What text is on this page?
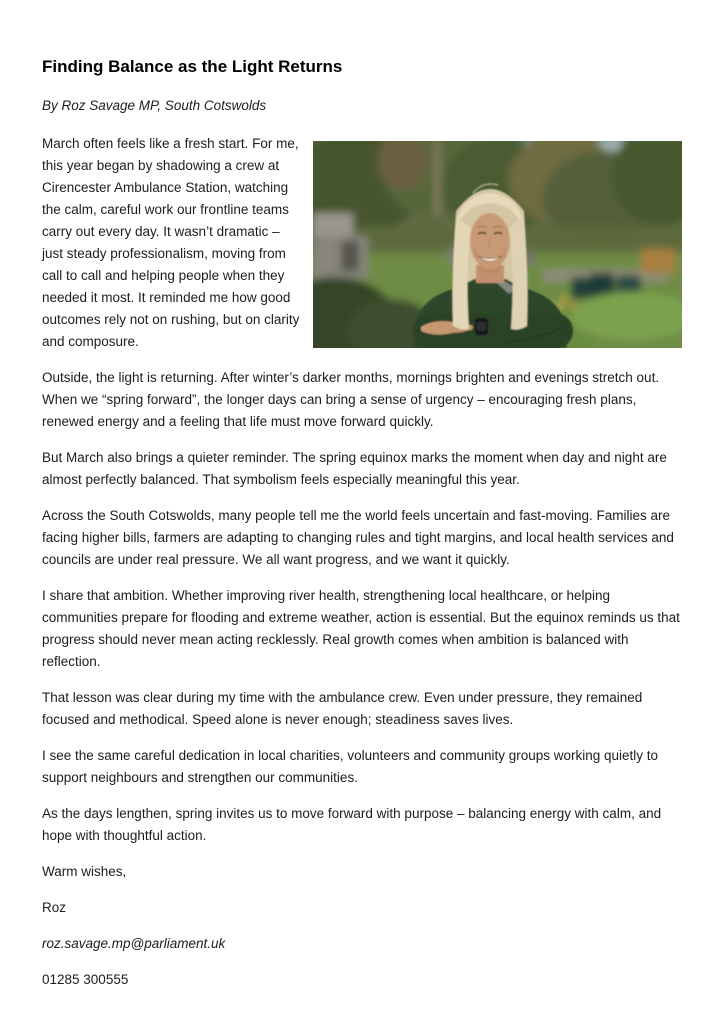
Finding Balance as the Light Returns

By Roz Savage MP, South Cotswolds

March often feels like a fresh start. For me, this year began by shadowing a crew at Cirencester Ambulance Station, watching the calm, careful work our frontline teams carry out every day. It wasn’t dramatic – just steady professionalism, moving from call to call and helping people when they needed it most. It reminded me how good outcomes rely not on rushing, but on clarity and composure.

Outside, the light is returning. After winter’s darker months, mornings brighten and evenings stretch out. When we “spring forward”, the longer days can bring a sense of urgency – encouraging fresh plans, renewed energy and a feeling that life must move forward quickly.

But March also brings a quieter reminder. The spring equinox marks the moment when day and night are almost perfectly balanced. That symbolism feels especially meaningful this year.

Across the South Cotswolds, many people tell me the world feels uncertain and fast-moving. Families are facing higher bills, farmers are adapting to changing rules and tight margins, and local health services and councils are under real pressure. We all want progress, and we want it quickly.

I share that ambition. Whether improving river health, strengthening local healthcare, or helping communities prepare for flooding and extreme weather, action is essential. But the equinox reminds us that progress should never mean acting recklessly. Real growth comes when ambition is balanced with reflection.

That lesson was clear during my time with the ambulance crew. Even under pressure, they remained focused and methodical. Speed alone is never enough; steadiness saves lives.

I see the same careful dedication in local charities, volunteers and community groups working quietly to support neighbours and strengthen our communities.

As the days lengthen, spring invites us to move forward with purpose – balancing energy with calm, and hope with thoughtful action.

Warm wishes,

Roz

roz.savage.mp@parliament.uk

01285 300555
